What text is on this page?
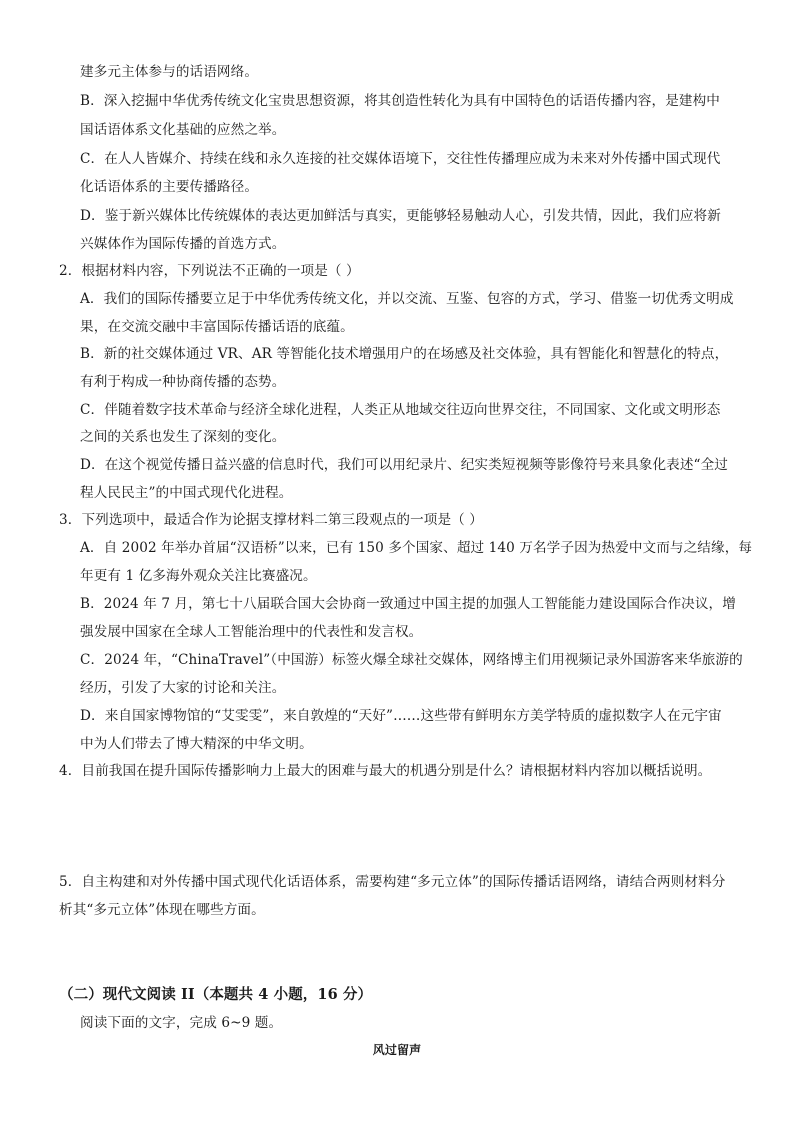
建多元主体参与的话语网络。
B．深入挖掘中华优秀传统文化宝贵思想资源，将其创造性转化为具有中国特色的话语传播内容，是建构中
国话语体系文化基础的应然之举。
C．在人人皆媒介、持续在线和永久连接的社交媒体语境下，交往性传播理应成为未来对外传播中国式现代
化话语体系的主要传播路径。
D．鉴于新兴媒体比传统媒体的表达更加鲜活与真实，更能够轻易触动人心，引发共情，因此，我们应将新
兴媒体作为国际传播的首选方式。
2．根据材料内容，下列说法不正确的一项是（ ）
A．我们的国际传播要立足于中华优秀传统文化，并以交流、互鉴、包容的方式，学习、借鉴一切优秀文明成
果，在交流交融中丰富国际传播话语的底蕴。
B．新的社交媒体通过 VR、AR 等智能化技术增强用户的在场感及社交体验，具有智能化和智慧化的特点，
有利于构成一种协商传播的态势。
C．伴随着数字技术革命与经济全球化进程，人类正从地域交往迈向世界交往，不同国家、文化或文明形态
之间的关系也发生了深刻的变化。
D．在这个视觉传播日益兴盛的信息时代，我们可以用纪录片、纪实类短视频等影像符号来具象化表述“全过
程人民民主”的中国式现代化进程。
3．下列选项中，最适合作为论据支撑材料二第三段观点的一项是（ ）
A．自 2002 年举办首届“汉语桥”以来，已有 150 多个国家、超过 140 万名学子因为热爱中文而与之结缘，每
年更有 1 亿多海外观众关注比赛盛况。
B．2024 年 7 月，第七十八届联合国大会协商一致通过中国主提的加强人工智能能力建设国际合作决议，增
强发展中国家在全球人工智能治理中的代表性和发言权。
C．2024 年，“ChinaTravel”（中国游）标签火爆全球社交媒体，网络博主们用视频记录外国游客来华旅游的
经历，引发了大家的讨论和关注。
D．来自国家博物馆的“艾雯雯”，来自敦煌的“天好”……这些带有鲜明东方美学特质的虚拟数字人在元宇宙
中为人们带去了博大精深的中华文明。
4．目前我国在提升国际传播影响力上最大的困难与最大的机遇分别是什么？请根据材料内容加以概括说明。
5．自主构建和对外传播中国式现代化话语体系，需要构建“多元立体”的国际传播话语网络，请结合两则材料分
析其“多元立体”体现在哪些方面。
（二）现代文阅读 II（本题共 4 小题，16 分）
阅读下面的文字，完成 6~9 题。
风过留声
